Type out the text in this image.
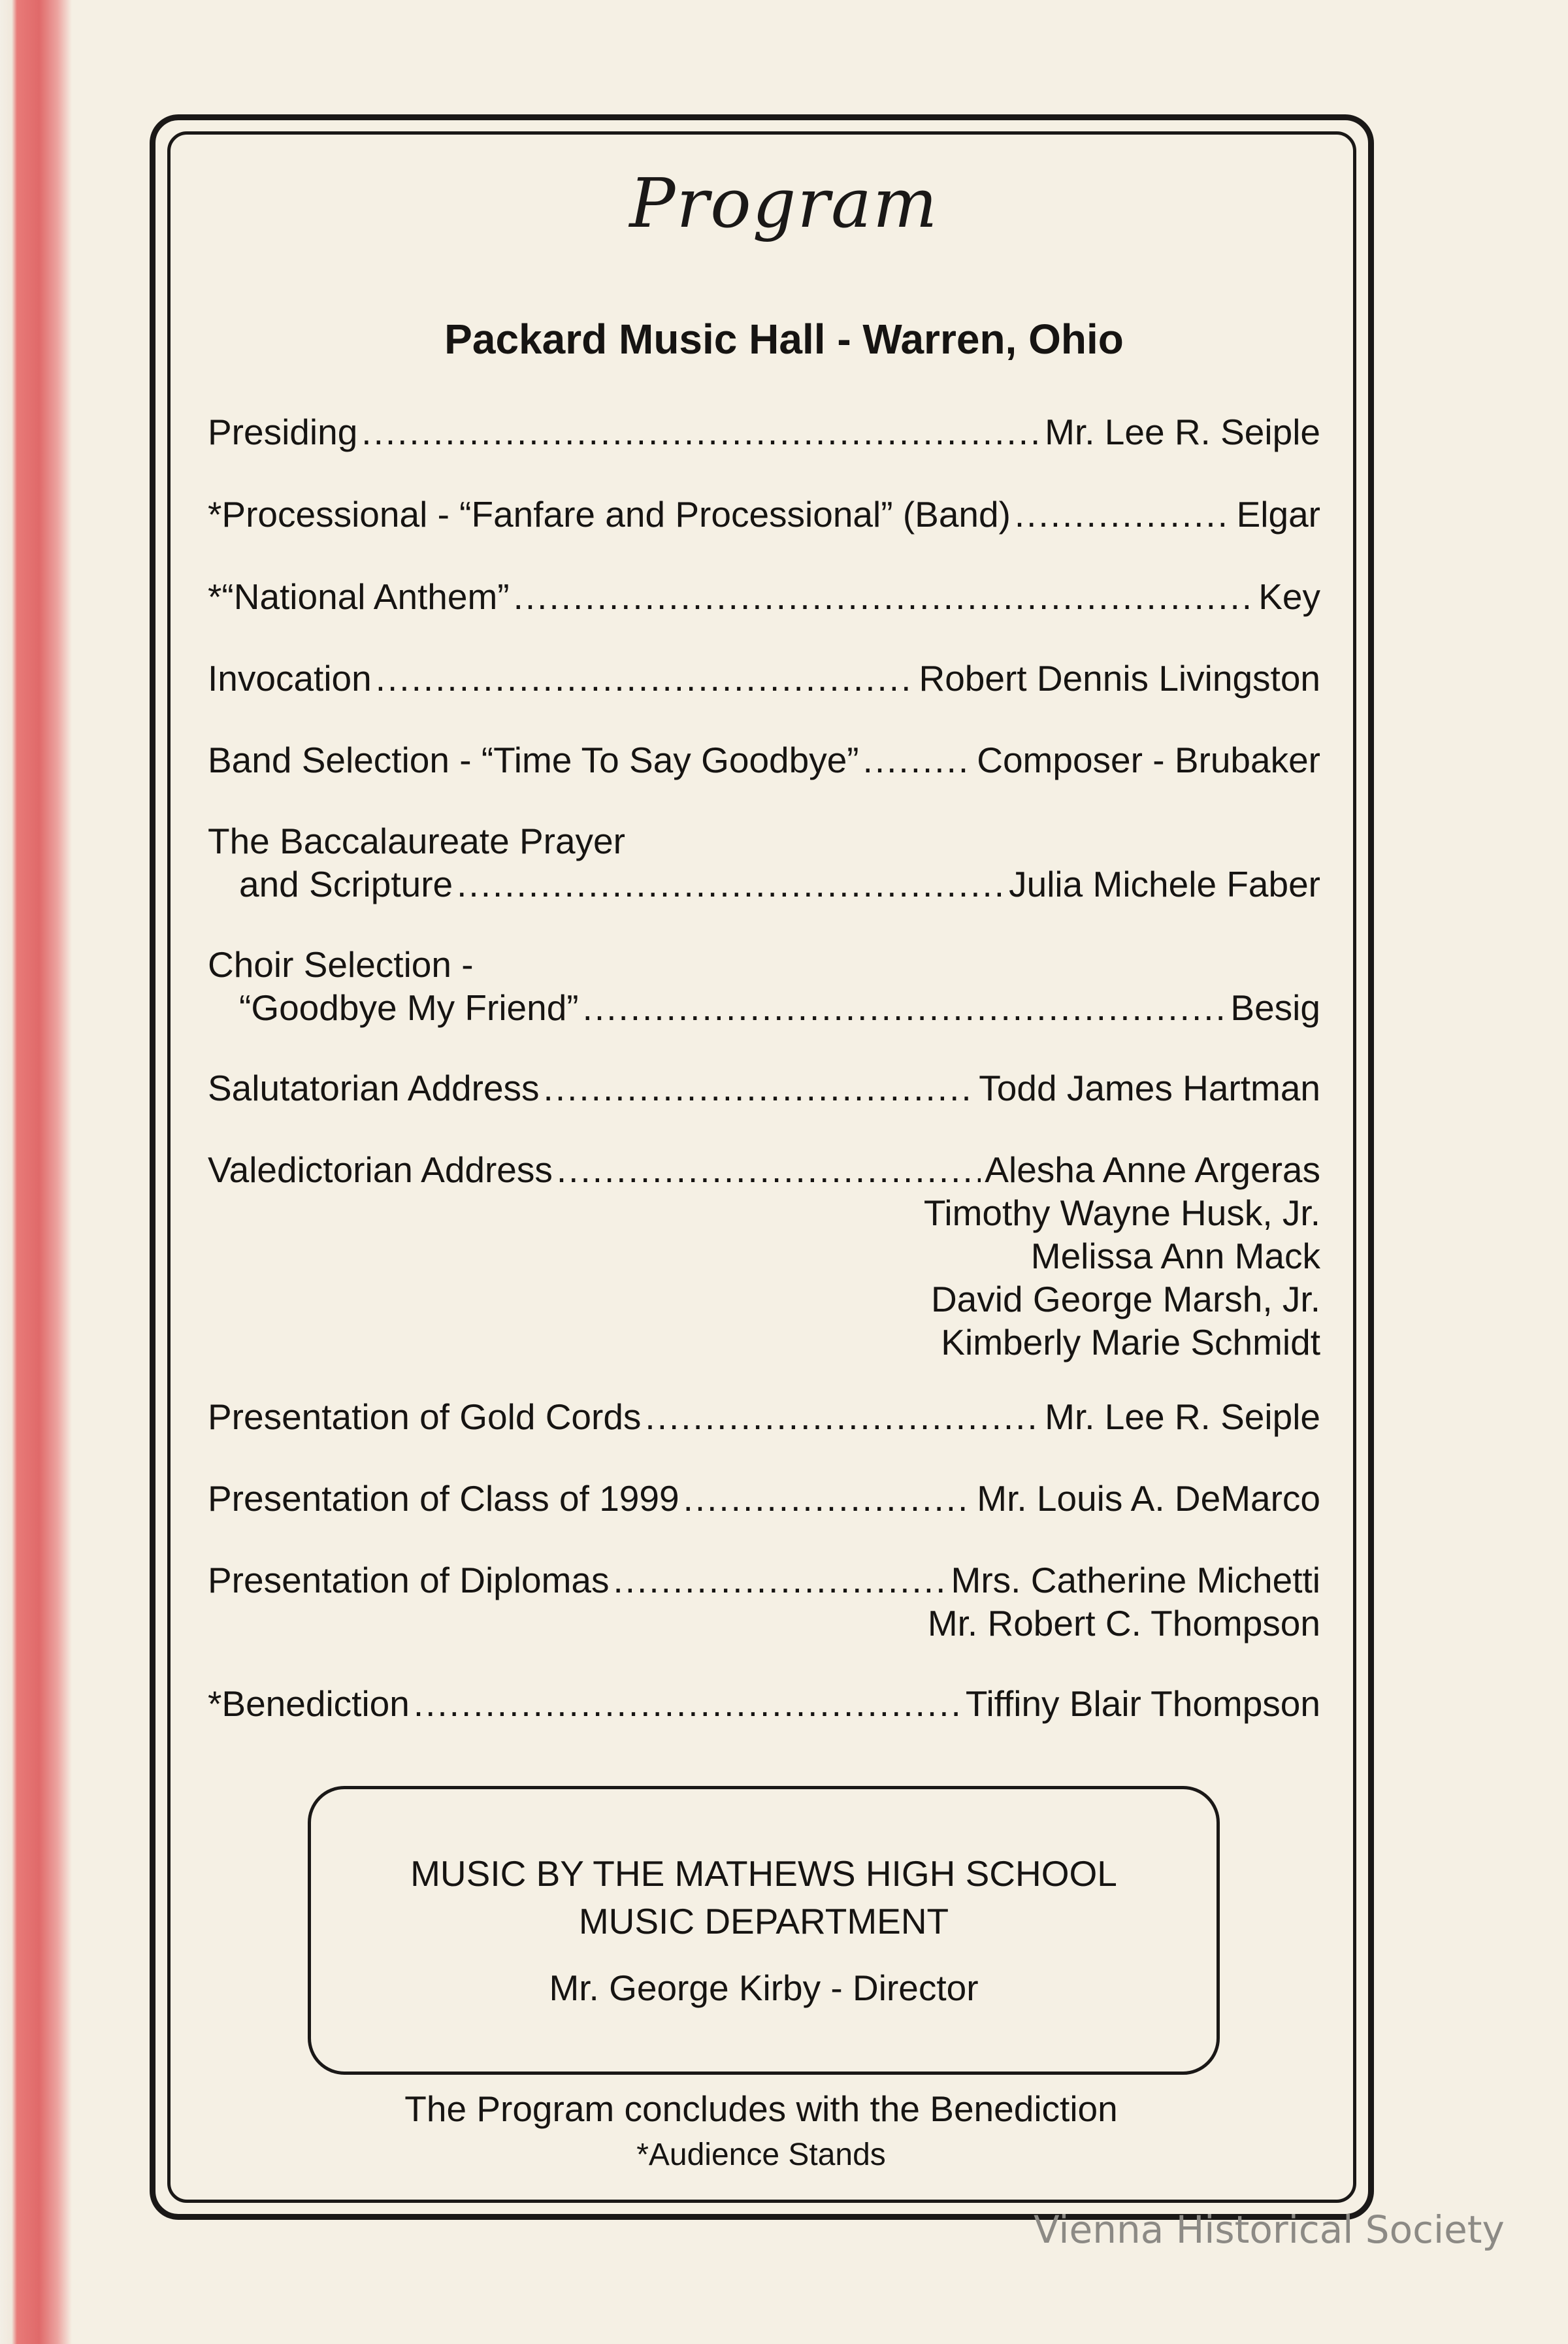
Program
Packard Music Hall - Warren, Ohio
Presiding .....	Mr. Lee R. Seiple
*Processional - “Fanfare and Processional” (Band) .....	Elgar
*“National Anthem” .....	Key
Invocation .....	Robert Dennis Livingston
Band Selection - “Time To Say Goodbye” .....	Composer - Brubaker
The Baccalaureate Prayer
and Scripture .....	Julia Michele Faber
Choir Selection -
“Goodbye My Friend” .....	Besig
Salutatorian Address .....	Todd James Hartman
Valedictorian Address .....	Alesha Anne Argeras
Timothy Wayne Husk, Jr.
Melissa Ann Mack
David George Marsh, Jr.
Kimberly Marie Schmidt
Presentation of Gold Cords .....	Mr. Lee R. Seiple
Presentation of Class of 1999 .....	Mr. Louis A. DeMarco
Presentation of Diplomas .....	Mrs. Catherine Michetti
Mr. Robert C. Thompson
*Benediction .....	Tiffiny Blair Thompson
MUSIC BY THE MATHEWS HIGH SCHOOL
MUSIC DEPARTMENT
Mr. George Kirby - Director
The Program concludes with the Benediction
*Audience Stands
Vienna Historical Society
